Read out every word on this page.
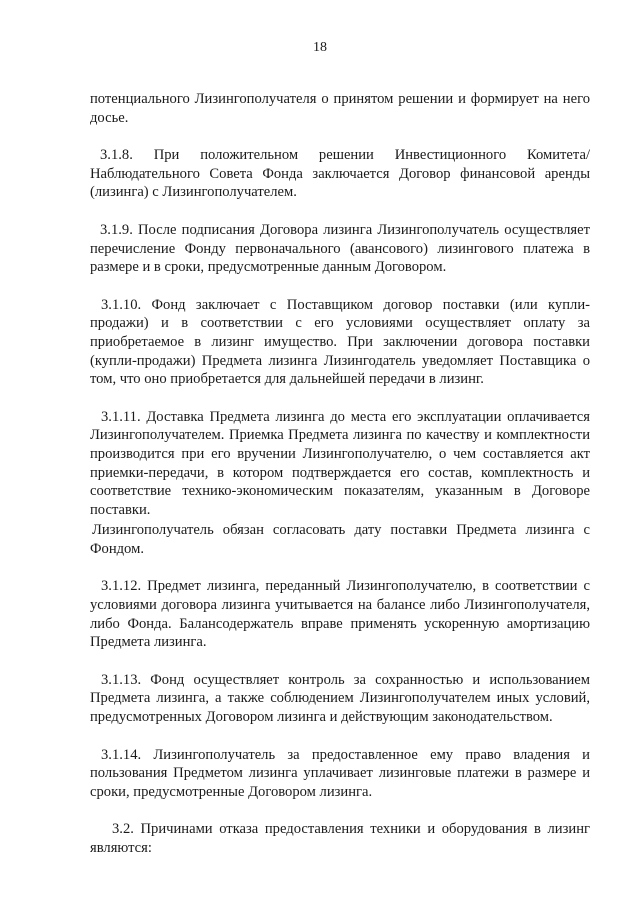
18

потенциального Лизингополучателя о принятом решении и формирует на него досье.

3.1.8. При положительном решении Инвестиционного Комитета/Наблюдательного Совета Фонда заключается Договор финансовой аренды (лизинга) с Лизингополучателем.

3.1.9. После подписания Договора лизинга Лизингополучатель осуществляет перечисление Фонду первоначального (авансового) лизингового платежа в размере и в сроки, предусмотренные данным Договором.

3.1.10. Фонд заключает с Поставщиком договор поставки (или купли-продажи) и в соответствии с его условиями осуществляет оплату за приобретаемое в лизинг имущество. При заключении договора поставки (купли-продажи) Предмета лизинга Лизингодатель уведомляет Поставщика о том, что оно приобретается для дальнейшей передачи в лизинг.

3.1.11. Доставка Предмета лизинга до места его эксплуатации оплачивается Лизингополучателем. Приемка Предмета лизинга по качеству и комплектности производится при его вручении Лизингополучателю, о чем составляется акт приемки-передачи, в котором подтверждается его состав, комплектность и соответствие технико-экономическим показателям, указанным в Договоре поставки.

Лизингополучатель обязан согласовать дату поставки Предмета лизинга с Фондом.

3.1.12. Предмет лизинга, переданный Лизингополучателю, в соответствии с условиями договора лизинга учитывается на балансе либо Лизингополучателя, либо Фонда. Балансодержатель вправе применять ускоренную амортизацию Предмета лизинга.

3.1.13. Фонд осуществляет контроль за сохранностью и использованием Предмета лизинга, а также соблюдением Лизингополучателем иных условий, предусмотренных Договором лизинга и действующим законодательством.

3.1.14. Лизингополучатель за предоставленное ему право владения и пользования Предметом лизинга уплачивает лизинговые платежи в размере и сроки, предусмотренные Договором лизинга.

3.2. Причинами отказа предоставления техники и оборудования в лизинг являются:
